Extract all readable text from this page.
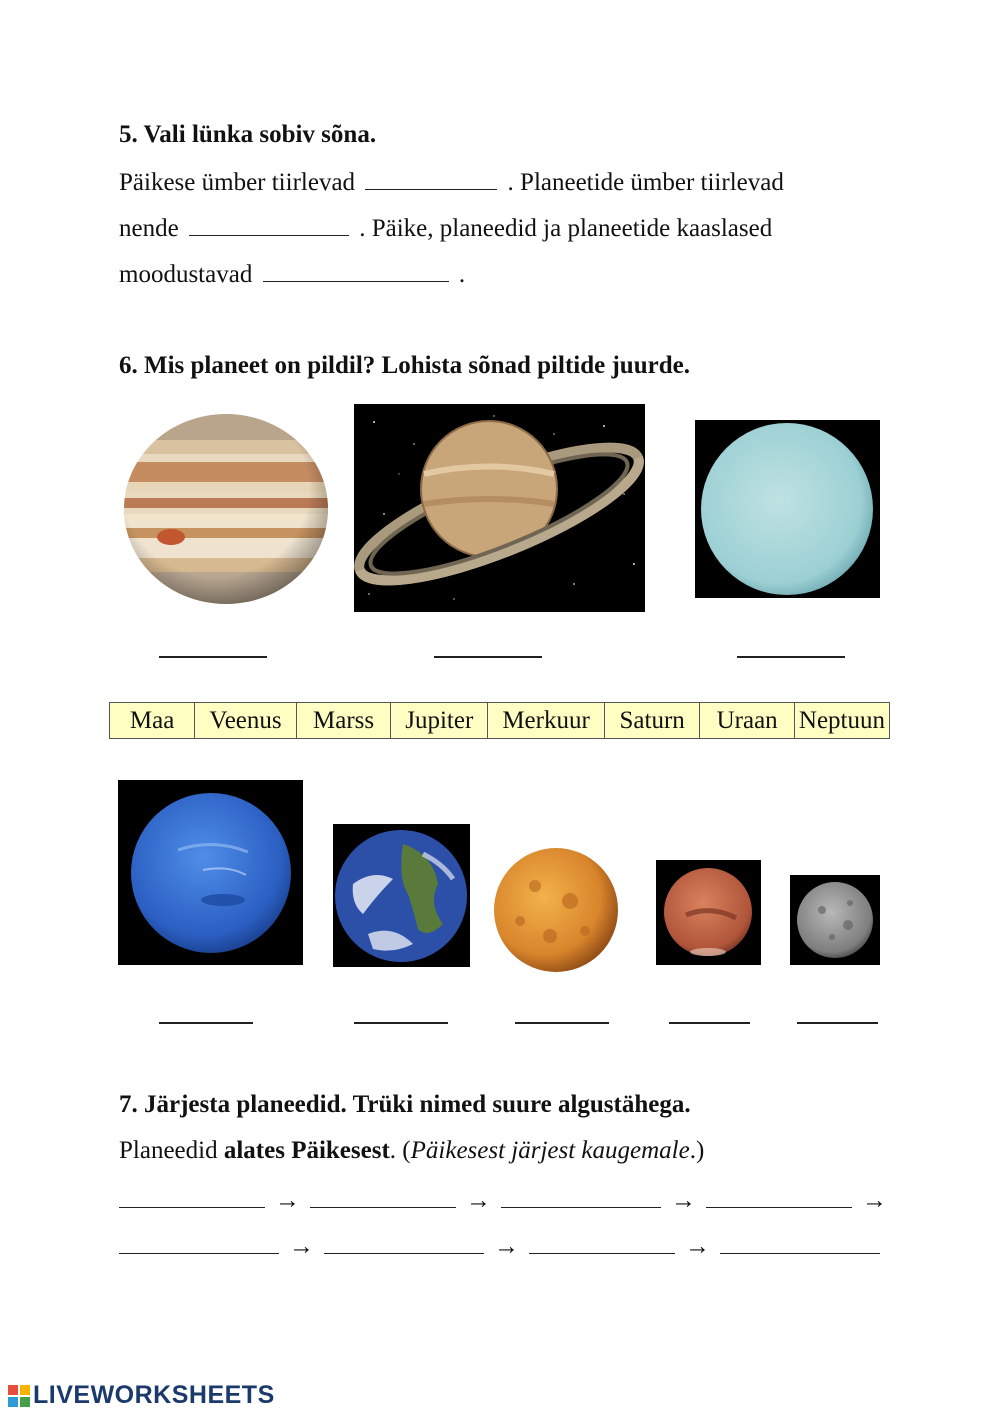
5. Vali lünka sobiv sõna.
Päikese ümber tiirlevad	. Planeetide ümber tiirlevad
nende	. Päike, planeedid ja planeetide kaaslased
moodustavad	.
6. Mis planeet on pildil? Lohista sõnad piltide juurde.
Maa	Veenus	Marss	Jupiter	Merkuur	Saturn	Uraan	Neptuun
7. Järjesta planeedid. Trüki nimed suure algustähega.
Planeedid alates Päikesest. (Päikesest järjest kaugemale.)
→	→	→	→
→	→	→
LIVEWORKSHEETS
